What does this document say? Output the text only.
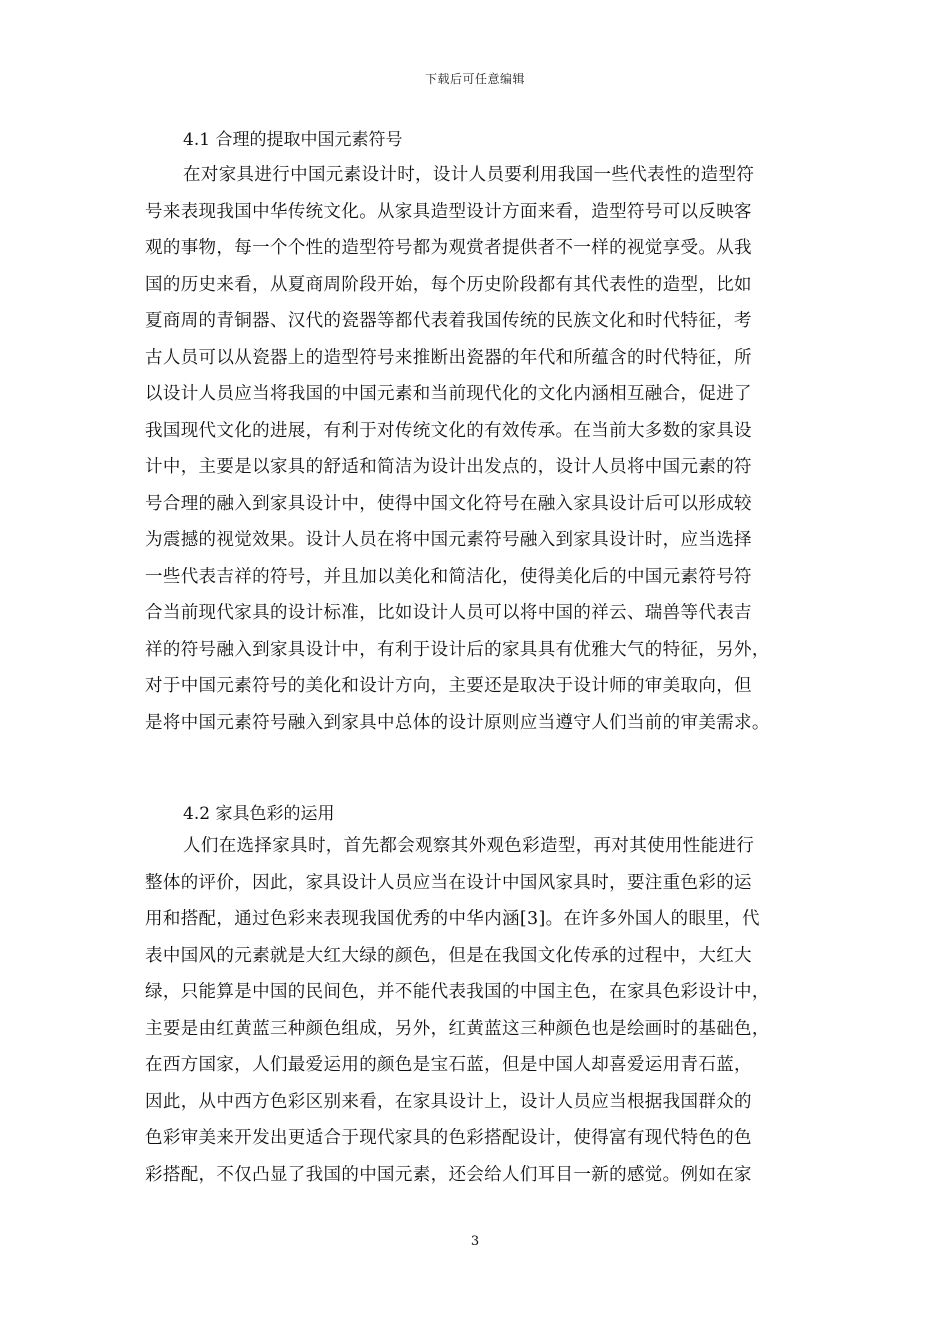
下载后可任意编辑
4.1 合理的提取中国元素符号
在对家具进行中国元素设计时，设计人员要利用我国一些代表性的造型符
号来表现我国中华传统文化。从家具造型设计方面来看，造型符号可以反映客
观的事物，每一个个性的造型符号都为观赏者提供者不一样的视觉享受。从我
国的历史来看，从夏商周阶段开始，每个历史阶段都有其代表性的造型，比如
夏商周的青铜器、汉代的瓷器等都代表着我国传统的民族文化和时代特征，考
古人员可以从瓷器上的造型符号来推断出瓷器的年代和所蕴含的时代特征，所
以设计人员应当将我国的中国元素和当前现代化的文化内涵相互融合，促进了
我国现代文化的进展，有利于对传统文化的有效传承。在当前大多数的家具设
计中，主要是以家具的舒适和简洁为设计出发点的，设计人员将中国元素的符
号合理的融入到家具设计中，使得中国文化符号在融入家具设计后可以形成较
为震撼的视觉效果。设计人员在将中国元素符号融入到家具设计时，应当选择
一些代表吉祥的符号，并且加以美化和简洁化，使得美化后的中国元素符号符
合当前现代家具的设计标准，比如设计人员可以将中国的祥云、瑞兽等代表吉
祥的符号融入到家具设计中，有利于设计后的家具具有优雅大气的特征，另外，
对于中国元素符号的美化和设计方向，主要还是取决于设计师的审美取向，但
是将中国元素符号融入到家具中总体的设计原则应当遵守人们当前的审美需求。
4.2 家具色彩的运用
人们在选择家具时，首先都会观察其外观色彩造型，再对其使用性能进行
整体的评价，因此，家具设计人员应当在设计中国风家具时，要注重色彩的运
用和搭配，通过色彩来表现我国优秀的中华内涵[3]。在许多外国人的眼里，代
表中国风的元素就是大红大绿的颜色，但是在我国文化传承的过程中，大红大
绿，只能算是中国的民间色，并不能代表我国的中国主色，在家具色彩设计中，
主要是由红黄蓝三种颜色组成，另外，红黄蓝这三种颜色也是绘画时的基础色，
在西方国家，人们最爱运用的颜色是宝石蓝，但是中国人却喜爱运用青石蓝，
因此，从中西方色彩区别来看，在家具设计上，设计人员应当根据我国群众的
色彩审美来开发出更适合于现代家具的色彩搭配设计，使得富有现代特色的色
彩搭配，不仅凸显了我国的中国元素，还会给人们耳目一新的感觉。例如在家
3
